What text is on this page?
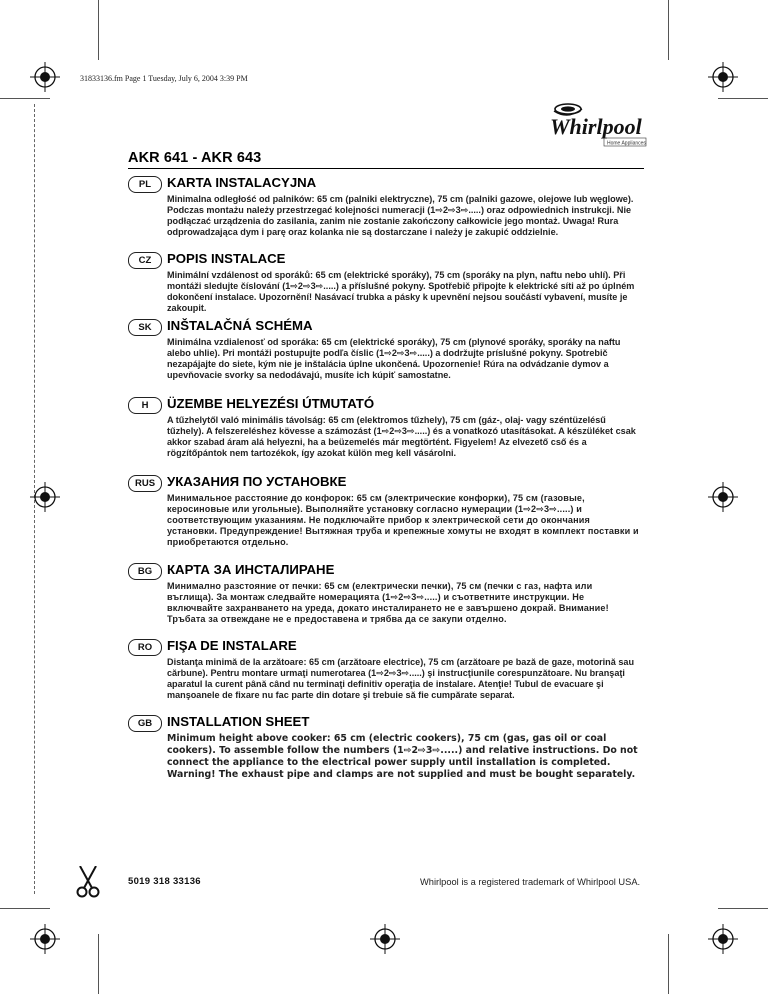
31833136.fm Page 1 Tuesday, July 6, 2004 3:39 PM
Whirlpool
Home Appliances
AKR 641 - AKR 643
PL	KARTA INSTALACYJNA

Minimalna odległość od palników: 65 cm (palniki elektryczne), 75 cm (palniki gazowe, olejowe lub węglowe). Podczas montażu należy przestrzegać kolejności numeracji (1⇨2⇨3⇨.....) oraz odpowiednich instrukcji. Nie podłączać urządzenia do zasilania, zanim nie zostanie zakończony całkowicie jego montaż. Uwaga! Rura odprowadzająca dym i parę oraz kolanka nie są dostarczane i należy je zakupić oddzielnie.

CZ	POPIS INSTALACE

Minimální vzdálenost od sporáků: 65 cm (elektrické sporáky), 75 cm (sporáky na plyn, naftu nebo uhlí). Při montáži sledujte číslování (1⇨2⇨3⇨.....) a příslušné pokyny. Spotřebič připojte k elektrické síti až po úplném dokončení instalace. Upozornění! Nasávací trubka a pásky k upevnění nejsou součástí vybavení, musíte je zakoupit.

SK	INŠTALAČNÁ SCHÉMA

Minimálna vzdialenosť od sporáka: 65 cm (elektrické sporáky), 75 cm (plynové sporáky, sporáky na naftu alebo uhlie). Pri montáži postupujte podľa číslic (1⇨2⇨3⇨.....) a dodržujte príslušné pokyny. Spotrebič nezapájajte do siete, kým nie je inštalácia úplne ukončená. Upozornenie! Rúra na odvádzanie dymov a upevňovacie svorky sa nedodávajú, musíte ich kúpiť samostatne.

H	ÜZEMBE HELYEZÉSI ÚTMUTATÓ

A tűzhelytől való minimális távolság: 65 cm (elektromos tűzhely), 75 cm (gáz-, olaj- vagy széntüzelésű tűzhely). A felszereléshez kövesse a számozást (1⇨2⇨3⇨.....) és a vonatkozó utasításokat. A készüléket csak akkor szabad áram alá helyezni, ha a beüzemelés már megtörtént. Figyelem! Az elvezető cső és a rögzítőpántok nem tartozékok, így azokat külön meg kell vásárolni.

RUS УКАЗАНИЯ ПО УСТАНОВКЕ

Минимальное расстояние до конфорок: 65 см (электрические конфорки), 75 см (газовые, керосиновые или угольные). Выполняйте установку согласно нумерации (1⇨2⇨3⇨.....) и соответствующим указаниям. Не подключайте прибор к электрической сети до окончания установки. Предупреждение! Вытяжная труба и крепежные хомуты не входят в комплект поставки и приобретаются отдельно.

BG	КАРТА ЗА ИНСТАЛИРАНЕ

Минимално разстояние от печки: 65 см (електрически печки), 75 см (печки с газ, нафта или въглища). За монтаж следвайте номерацията (1⇨2⇨3⇨.....) и съответните инструкции. Не включвайте захранването на уреда, докато инсталирането не е завършено докрай. Внимание! Тръбата за отвеждане не е предоставена и трябва да се закупи отделно.

RO	FIŞA DE INSTALARE

Distanţa minimă de la arzătoare: 65 cm (arzătoare electrice), 75 cm (arzătoare pe bază de gaze, motorină sau cărbune). Pentru montare urmaţi numerotarea (1⇨2⇨3⇨.....) şi instrucţiunile corespunzătoare. Nu branşaţi aparatul la curent până când nu terminaţi definitiv operaţia de instalare. Atenţie! Tubul de evacuare şi manşoanele de fixare nu fac parte din dotare şi trebuie să fie cumpărate separat.

GB	INSTALLATION SHEET

Minimum height above cooker: 65 cm (electric cookers), 75 cm (gas, gas oil or coal cookers). To assemble follow the numbers (1⇨2⇨3⇨.....) and relative instructions. Do not connect the appliance to the electrical power supply until installation is completed. Warning! The exhaust pipe and clamps are not supplied and must be bought separately.

5019 318 33136	Whirlpool is a registered trademark of Whirlpool USA.
